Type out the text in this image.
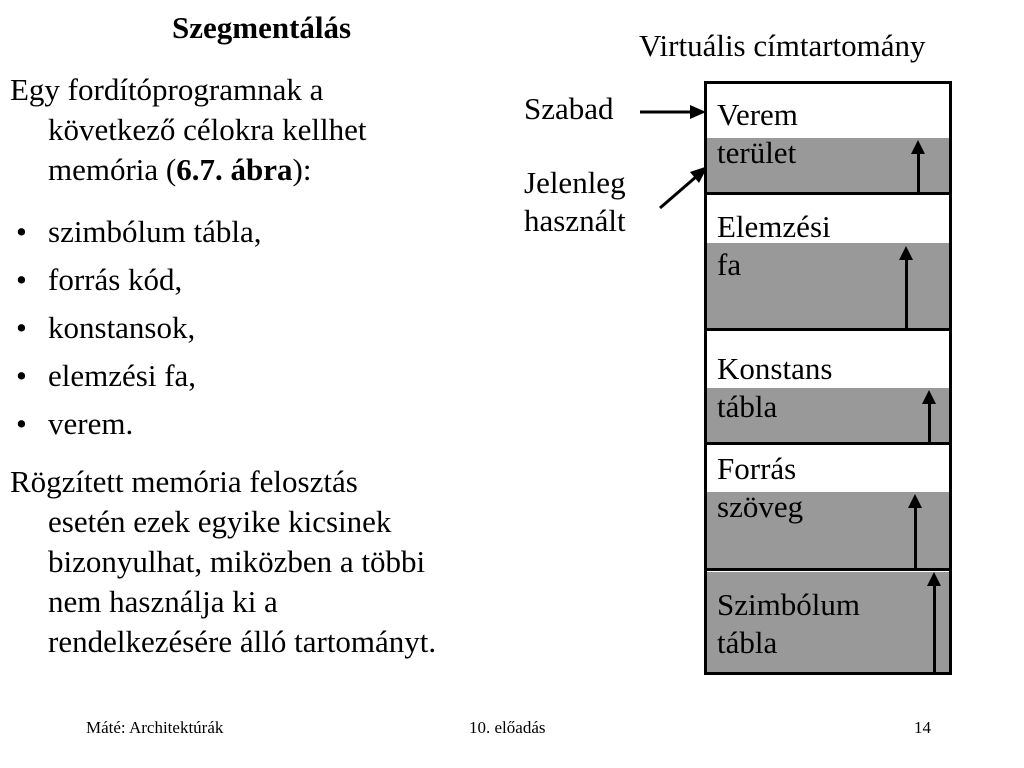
Szegmentálás
Egy fordítóprogramnak a
következő célokra kellhet
memória (6.7. ábra):
• szimbólum tábla,
• forrás kód,
• konstansok,
• elemzési fa,
• verem.
Rögzített memória felosztás
esetén ezek egyike kicsinek
bizonyulhat, miközben a többi
nem használja ki a
rendelkezésére álló tartományt.
Virtuális címtartomány
Szabad
Jelenleg
használt
Verem
terület
Elemzési
fa
Konstans
tábla
Forrás
szöveg
Szimbólum
tábla
Máté: Architektúrák	10. előadás	14
